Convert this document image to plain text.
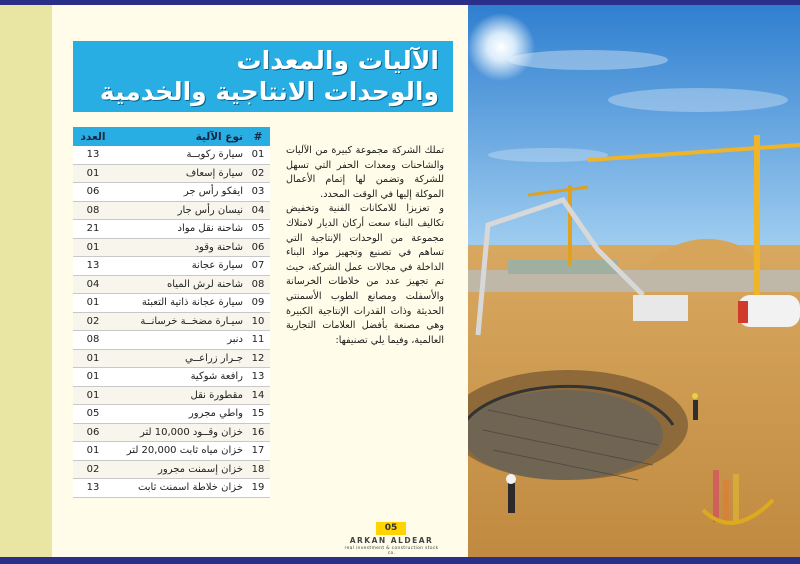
الآليات والمعدات
والوحدات الانتاجية والخدمية
#	نوع الآلية	العدد
01	سيارة ركوبــة	13
02	سيارة إسعاف	01
03	ايفكو رأس جر	06
04	نيسان رأس جار	08
05	شاحنة نقل مواد	21
06	شاحنة وقود	01
07	سيارة عجانة	13
08	شاحنة لرش المياه	04
09	سيارة عجانة ذاتية التعبئة	01
10	سيـارة مضخــة خرسانــة	02
11	دنبر	08
12	جـرار زراعــي	01
13	رافعة شوكية	01
14	مقطورة نقل	01
15	واطي مجرور	05
16	خزان وقــود 10,000 لتر	06
17	خزان مياه ثابت 20,000 لتر	01
18	خزان إسمنت مجرور	02
19	خزان خلاطة اسمنت ثابت	13

تملك الشركة مجموعة كبيرة من الآليات والشاحنات ومعدات الحفر التي تسهل للشركة وتضمن لها إتمام الأعمال الموكلة إليها في الوقت المحدد.

و تعزيزا للامكانات الفنية وتخفيض تكاليف البناء سعت أركان الديار لامتلاك مجموعة من الوحدات الإنتاجية التي تساهم في تصنيع وتجهيز مواد البناء الداخلة في مجالات عمل الشركة، حيث تم تجهيز عدد من خلاطات الخرسانة والأسفلت ومصانع الطوب الأسمنتي الحديثة وذات القدرات الإنتاجية الكبيرة وهي مصنعة بأفضل العلامات التجارية العالمية، وفيما يلي تصنيفها:

05
ARKAN ALDEAR
real investment & construction stock co.
